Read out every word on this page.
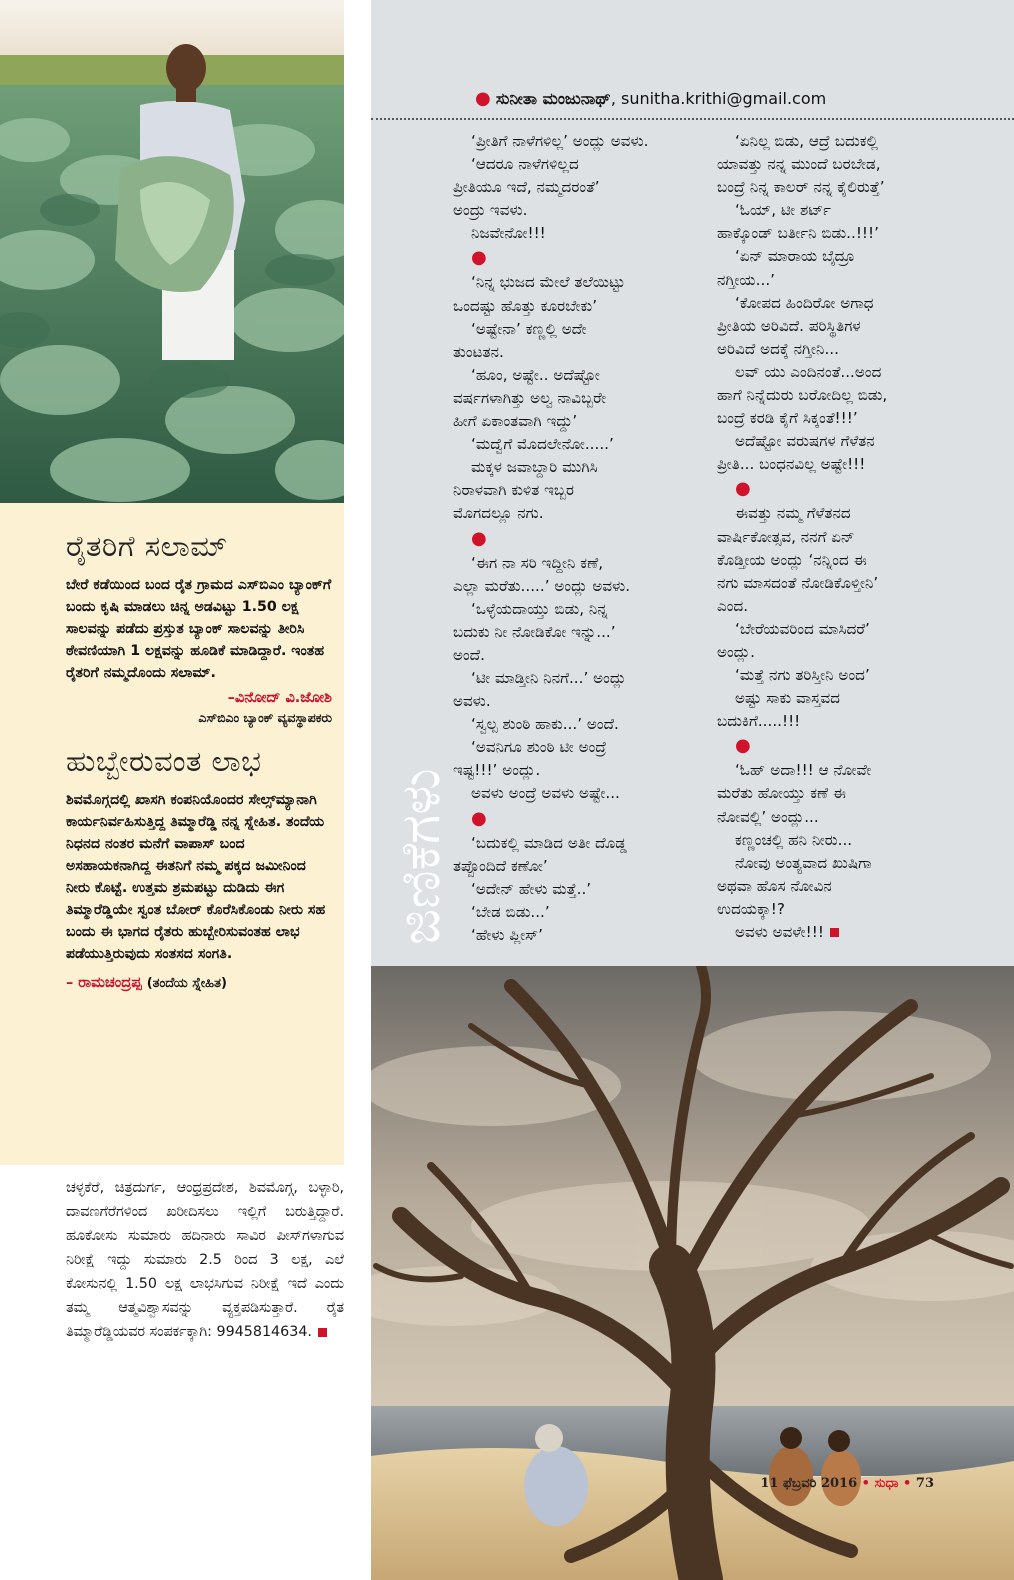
ರೈತರಿಗೆ ಸಲಾಮ್

ಬೇರೆ ಕಡೆಯಿಂದ ಬಂದ ರೈತ ಗ್ರಾಮದ ಎಸ್‌ಬಿಎಂ ಬ್ಯಾಂಕ್‌ಗೆ ಬಂದು ಕೃಷಿ ಮಾಡಲು ಚಿನ್ನ ಅಡವಿಟ್ಟು 1.50 ಲಕ್ಷ ಸಾಲವನ್ನು ಪಡೆದು ಪ್ರಸ್ತುತ ಬ್ಯಾಂಕ್ ಸಾಲವನ್ನು ತೀರಿಸಿ ಠೇವಣಿಯಾಗಿ 1 ಲಕ್ಷವನ್ನು ಹೂಡಿಕೆ ಮಾಡಿದ್ದಾರೆ. ಇಂತಹ ರೈತರಿಗೆ ನಮ್ಮದೊಂದು ಸಲಾಮ್.

–ವಿನೋದ್ ವಿ.ಜೋಶಿ
ಎಸ್‌ಬಿಎಂ ಬ್ಯಾಂಕ್ ವ್ಯವಸ್ಥಾಪಕರು
ಹುಬ್ಬೇರುವಂತ ಲಾಭ

ಶಿವಮೊಗ್ಗದಲ್ಲಿ ಖಾಸಗಿ ಕಂಪನಿಯೊಂದರ ಸೇಲ್ಸ್‌ಮ್ಯಾನಾಗಿ ಕಾರ್ಯನಿರ್ವಹಿಸುತ್ತಿದ್ದ ತಿಮ್ಮಾರೆಡ್ಡಿ ನನ್ನ ಸ್ನೇಹಿತ. ತಂದೆಯ ನಿಧನದ ನಂತರ ಮನೆಗೆ ವಾಪಾಸ್ ಬಂದ ಅಸಹಾಯಕನಾಗಿದ್ದ ಈತನಿಗೆ ನಮ್ಮ ಪಕ್ಕದ ಜಮೀನಿಂದ ನೀರು ಕೊಟ್ಟೆ. ಉತ್ತಮ ಶ್ರಮಪಟ್ಟು ದುಡಿದು ಈಗ ತಿಮ್ಮಾರೆಡ್ಡಿಯೇ ಸ್ವಂತ ಬೋರ್ ಕೊರೆಸಿಕೊಂಡು ನೀರು ಸಹ ಬಂದು ಈ ಭಾಗದ ರೈತರು ಹುಬ್ಬೇರಿಸುವಂತಹ ಲಾಭ ಪಡೆಯುತ್ತಿರುವುದು ಸಂತಸದ ಸಂಗತಿ.

– ರಾಮಚಂದ್ರಪ್ಪ (ತಂದೆಯ ಸ್ನೇಹಿತ)
ಚಳ್ಳಕೆರೆ, ಚಿತ್ರದುರ್ಗ, ಆಂಧ್ರಪ್ರದೇಶ, ಶಿವಮೊಗ್ಗ, ಬಳ್ಳಾರಿ, ದಾವಣಗೆರೆಗಳಿಂದ ಖರೀದಿಸಲು ಇಲ್ಲಿಗೆ ಬರುತ್ತಿದ್ದಾರೆ. ಹೂಕೋಸು ಸುಮಾರು ಹದಿನಾರು ಸಾವಿರ ಪೀಸ್‌ಗಳಾಗುವ ನಿರೀಕ್ಷೆ ಇದ್ದು ಸುಮಾರು 2.5 ರಿಂದ 3 ಲಕ್ಷ, ಎಲೆ ಕೋಸುನಲ್ಲಿ 1.50 ಲಕ್ಷ ಲಾಭಸಿಗುವ ನಿರೀಕ್ಷೆ ಇದೆ ಎಂದು ತಮ್ಮ ಆತ್ಮವಿಶ್ವಾಸವನ್ನು ವ್ಯಕ್ತಪಡಿಸುತ್ತಾರೆ. ರೈತ ತಿಮ್ಮಾರೆಡ್ಡಿಯವರ ಸಂಪರ್ಕಕ್ಕಾಗಿ: 9945814634.
● ಸುನೀತಾ ಮಂಜುನಾಥ್, sunitha.krithi@gmail.com
ಜಿಣಿಕೆಗಳು

‘ಪ್ರೀತಿಗೆ ನಾಳೆಗಳಿಲ್ಲ’ ಅಂದ್ಲು ಅವಳು.

‘ಆದರೂ ನಾಳೆಗಳಿಲ್ಲದ

ಪ್ರೀತಿಯೂ ಇದೆ, ನಮ್ಮದರಂತೆ’

ಅಂದ್ರು ಇವಳು.

ನಿಜವೇನೋ!!!

●

‘ನಿನ್ನ ಭುಜದ ಮೇಲೆ ತಲೆಯಿಟ್ಟು

ಒಂದಷ್ಟು ಹೊತ್ತು ಕೂರಬೇಕು’

‘ಅಷ್ಟೇನಾ’ ಕಣ್ಣಲ್ಲಿ ಅದೇ

ತುಂಟತನ.

‘ಹೂಂ, ಅಷ್ಟೇ.. ಅದೆಷ್ಟೋ

ವರ್ಷಗಳಾಗಿತ್ತು ಅಲ್ವ ನಾವಿಬ್ಬರೇ

ಹೀಗೆ ಏಕಾಂತವಾಗಿ ಇದ್ದು’

‘ಮದ್ವೆಗೆ ಮೊದಲೇನೋ.....’

ಮಕ್ಕಳ ಜವಾಬ್ದಾರಿ ಮುಗಿಸಿ

ನಿರಾಳವಾಗಿ ಕುಳಿತ ಇಬ್ಬರ

ಮೊಗದಲ್ಲೂ ನಗು.

●

‘ಈಗ ನಾ ಸರಿ ಇದ್ದೀನಿ ಕಣೆ,

ಎಲ್ಲಾ ಮರೆತು.....’ ಅಂದ್ಲು ಅವಳು.

‘ಒಳ್ಳೆಯದಾಯ್ತು ಬಿಡು, ನಿನ್ನ

ಬದುಕು ನೀ ನೋಡಿಕೋ ಇನ್ನು...’

ಅಂದೆ.

‘ಟೀ ಮಾಡ್ತೀನಿ ನಿನಗೆ...’ ಅಂದ್ಲು

ಅವಳು.

‘ಸ್ವಲ್ಪ ಶುಂಠಿ ಹಾಕು...’ ಅಂದೆ.

‘ಅವನಿಗೂ ಶುಂಠಿ ಟೀ ಅಂದ್ರೆ

ಇಷ್ಟ!!!’ ಅಂದ್ಲು.

ಅವಳು ಅಂದ್ರೆ ಅವಳು ಅಷ್ಟೇ...

●

‘ಬದುಕಲ್ಲಿ ಮಾಡಿದ ಅತೀ ದೊಡ್ಡ

ತಪ್ಪೊಂದಿದೆ ಕಣೋ’

‘ಅದೇನ್ ಹೇಳು ಮತ್ತೆ..’

‘ಬೇಡ ಬಿಡು...’

‘ಹೇಳು ಪ್ಲೀಸ್’

‘ಏನಿಲ್ಲ ಬಿಡು, ಆದ್ರೆ ಬದುಕಲ್ಲಿ

ಯಾವತ್ತು ನನ್ನ ಮುಂದೆ ಬರಬೇಡ,

ಬಂದ್ರೆ ನಿನ್ನ ಕಾಲರ್ ನನ್ನ ಕೈಲಿರುತ್ತೆ’

‘ಓಯ್, ಟೀ ಶರ್ಟ್

ಹಾಕ್ಕೊಂಡ್ ಬರ್ತೀನಿ ಬಿಡು..!!!’

‘ಏನ್ ಮಾರಾಯ ಬೈದ್ರೂ

ನಗ್ತೀಯ...’

‘ಕೋಪದ ಹಿಂದಿರೋ ಅಗಾಧ

ಪ್ರೀತಿಯ ಅರಿವಿದೆ. ಪರಿಸ್ಥಿತಿಗಳ

ಅರಿವಿದೆ ಅದಕ್ಕೆ ನಗ್ತೀನಿ...

ಲವ್ ಯು ಎಂದಿನಂತೆ...ಅಂದ

ಹಾಗೆ ನಿನ್ನೆದುರು ಬರೋದಿಲ್ಲ ಬಿಡು,

ಬಂದ್ರೆ ಕರಡಿ ಕೈಗೆ ಸಿಕ್ಕಂತೆ!!!’

ಅದೆಷ್ಟೋ ವರುಷಗಳ ಗೆಳೆತನ

ಪ್ರೀತಿ... ಬಂಧನವಿಲ್ಲ ಅಷ್ಟೇ!!!

●

ಈವತ್ತು ನಮ್ಮ ಗೆಳೆತನದ

ವಾರ್ಷಿಕೋತ್ಸವ, ನನಗೆ ಏನ್

ಕೊಡ್ತೀಯ ಅಂದ್ಲು ‘ನನ್ನಿಂದ ಈ

ನಗು ಮಾಸದಂತೆ ನೋಡಿಕೊಳ್ತೀನಿ’

ಎಂದ.

‘ಬೇರೆಯವರಿಂದ ಮಾಸಿದರೆ’

ಅಂದ್ಲು.

‘ಮತ್ತೆ ನಗು ತರಿಸ್ತೀನಿ ಅಂದ’

ಅಷ್ಟು ಸಾಕು ವಾಸ್ತವದ

ಬದುಕಿಗೆ.....!!!

●

‘ಓಹ್ ಅದಾ!!! ಆ ನೋವೇ

ಮರೆತು ಹೋಯ್ತು ಕಣೆ ಈ

ನೋವಲ್ಲಿ’ ಅಂದ್ಲು...

ಕಣ್ಣಂಚಲ್ಲಿ ಹನಿ ನೀರು...

ನೋವು ಅಂತ್ಯವಾದ ಖುಷಿಗಾ

ಅಥವಾ ಹೊಸ ನೋವಿನ

ಉದಯಕ್ಕಾ!?

ಅವಳು ಅವಳೇ!!!

11 ಫೆಬ್ರವರಿ 2016 • ಸುಧಾ • 73
